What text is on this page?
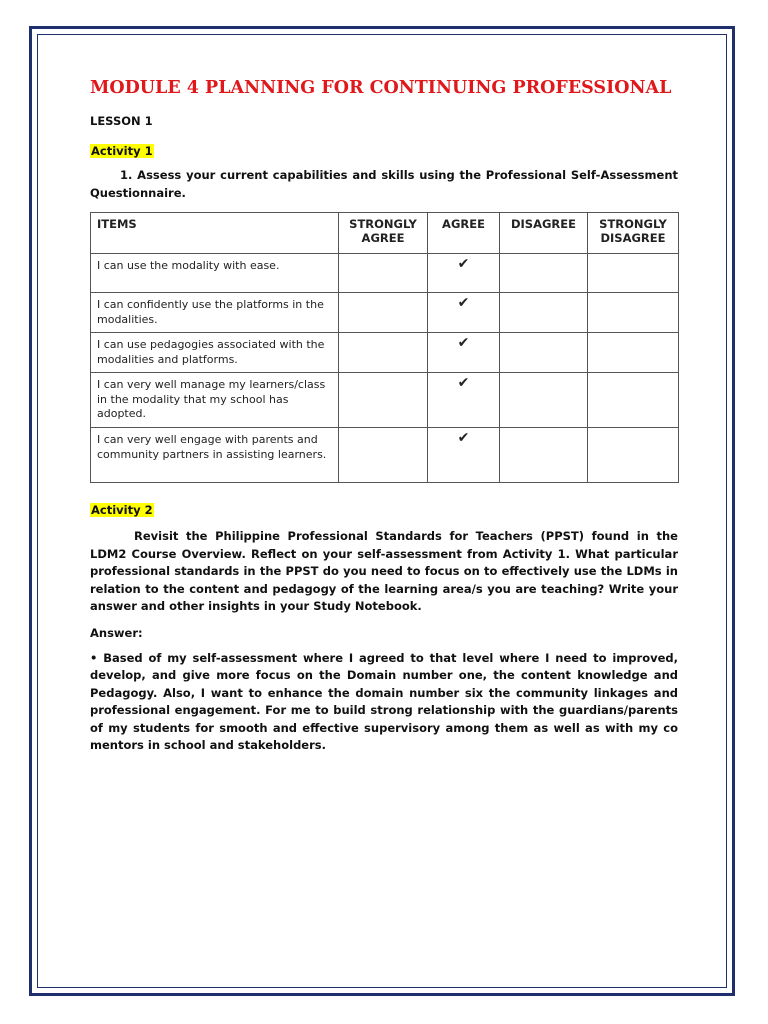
MODULE 4 PLANNING FOR CONTINUING PROFESSIONAL
LESSON 1
Activity 1

1. Assess your current capabilities and skills using the Professional Self-Assessment Questionnaire.

ITEMS	STRONGLY AGREE	AGREE	DISAGREE	STRONGLY DISAGREE
I can use the modality with ease.		✔		
I can confidently use the platforms in the modalities.		✔		
I can use pedagogies associated with the modalities and platforms.		✔		
I can very well manage my learners/class in the modality that my school has adopted.		✔		
I can very well engage with parents and community partners in assisting learners.		✔		
Activity 2

Revisit the Philippine Professional Standards for Teachers (PPST) found in the LDM2 Course Overview. Reflect on your self-assessment from Activity 1. What particular professional standards in the PPST do you need to focus on to effectively use the LDMs in relation to the content and pedagogy of the learning area/s you are teaching? Write your answer and other insights in your Study Notebook.

Answer:

• Based of my self-assessment where I agreed to that level where I need to improved, develop, and give more focus on the Domain number one, the content knowledge and Pedagogy. Also, I want to enhance the domain number six the community linkages and professional engagement. For me to build strong relationship with the guardians/parents of my students for smooth and effective supervisory among them as well as with my co mentors in school and stakeholders.
